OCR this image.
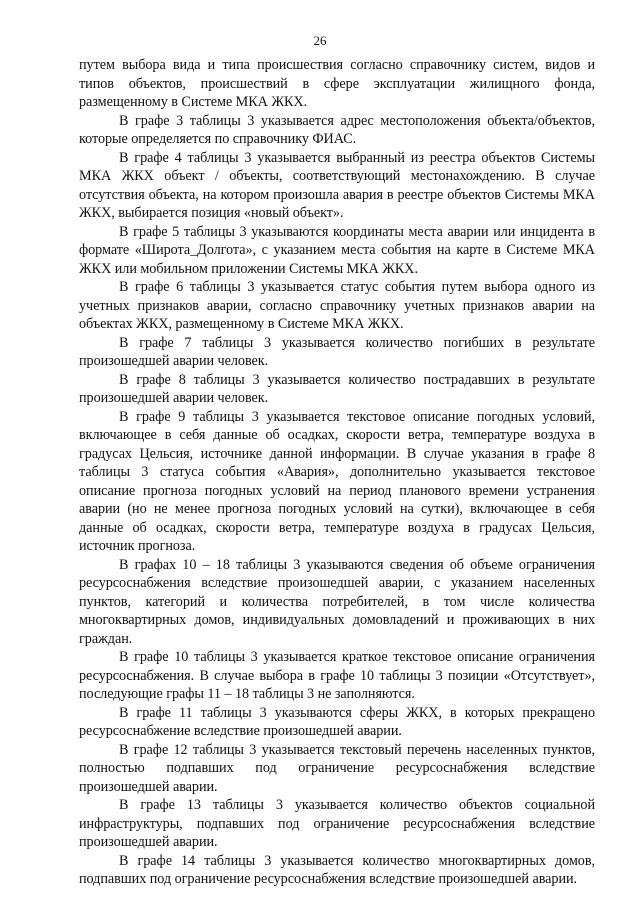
26

путем выбора вида и типа происшествия согласно справочнику систем, видов и типов объектов, происшествий в сфере эксплуатации жилищного фонда, размещенному в Системе МКА ЖКХ.

В графе 3 таблицы 3 указывается адрес местоположения объекта/объектов, которые определяется по справочнику ФИАС.

В графе 4 таблицы 3 указывается выбранный из реестра объектов Системы МКА ЖКХ объект / объекты, соответствующий местонахождению. В случае отсутствия объекта, на котором произошла авария в реестре объектов Системы МКА ЖКХ, выбирается позиция «новый объект».

В графе 5 таблицы 3 указываются координаты места аварии или инцидента в формате «Широта_Долгота», с указанием места события на карте в Системе МКА ЖКХ или мобильном приложении Системы МКА ЖКХ.

В графе 6 таблицы 3 указывается статус события путем выбора одного из учетных признаков аварии, согласно справочнику учетных признаков аварии на объектах ЖКХ, размещенному в Системе МКА ЖКХ.

В графе 7 таблицы 3 указывается количество погибших в результате произошедшей аварии человек.

В графе 8 таблицы 3 указывается количество пострадавших в результате произошедшей аварии человек.

В графе 9 таблицы 3 указывается текстовое описание погодных условий, включающее в себя данные об осадках, скорости ветра, температуре воздуха в градусах Цельсия, источнике данной информации. В случае указания в графе 8 таблицы 3 статуса события «Авария», дополнительно указывается текстовое описание прогноза погодных условий на период планового времени устранения аварии (но не менее прогноза погодных условий на сутки), включающее в себя данные об осадках, скорости ветра, температуре воздуха в градусах Цельсия, источник прогноза.

В графах 10 – 18 таблицы 3 указываются сведения об объеме ограничения ресурсоснабжения вследствие произошедшей аварии, с указанием населенных пунктов, категорий и количества потребителей, в том числе количества многоквартирных домов, индивидуальных домовладений и проживающих в них граждан.

В графе 10 таблицы 3 указывается краткое текстовое описание ограничения ресурсоснабжения. В случае выбора в графе 10 таблицы 3 позиции «Отсутствует», последующие графы 11 – 18 таблицы 3 не заполняются.

В графе 11 таблицы 3 указываются сферы ЖКХ, в которых прекращено ресурсоснабжение вследствие произошедшей аварии.

В графе 12 таблицы 3 указывается текстовый перечень населенных пунктов, полностью подпавших под ограничение ресурсоснабжения вследствие произошедшей аварии.

В графе 13 таблицы 3 указывается количество объектов социальной инфраструктуры, подпавших под ограничение ресурсоснабжения вследствие произошедшей аварии.

В графе 14 таблицы 3 указывается количество многоквартирных домов, подпавших под ограничение ресурсоснабжения вследствие произошедшей аварии.
